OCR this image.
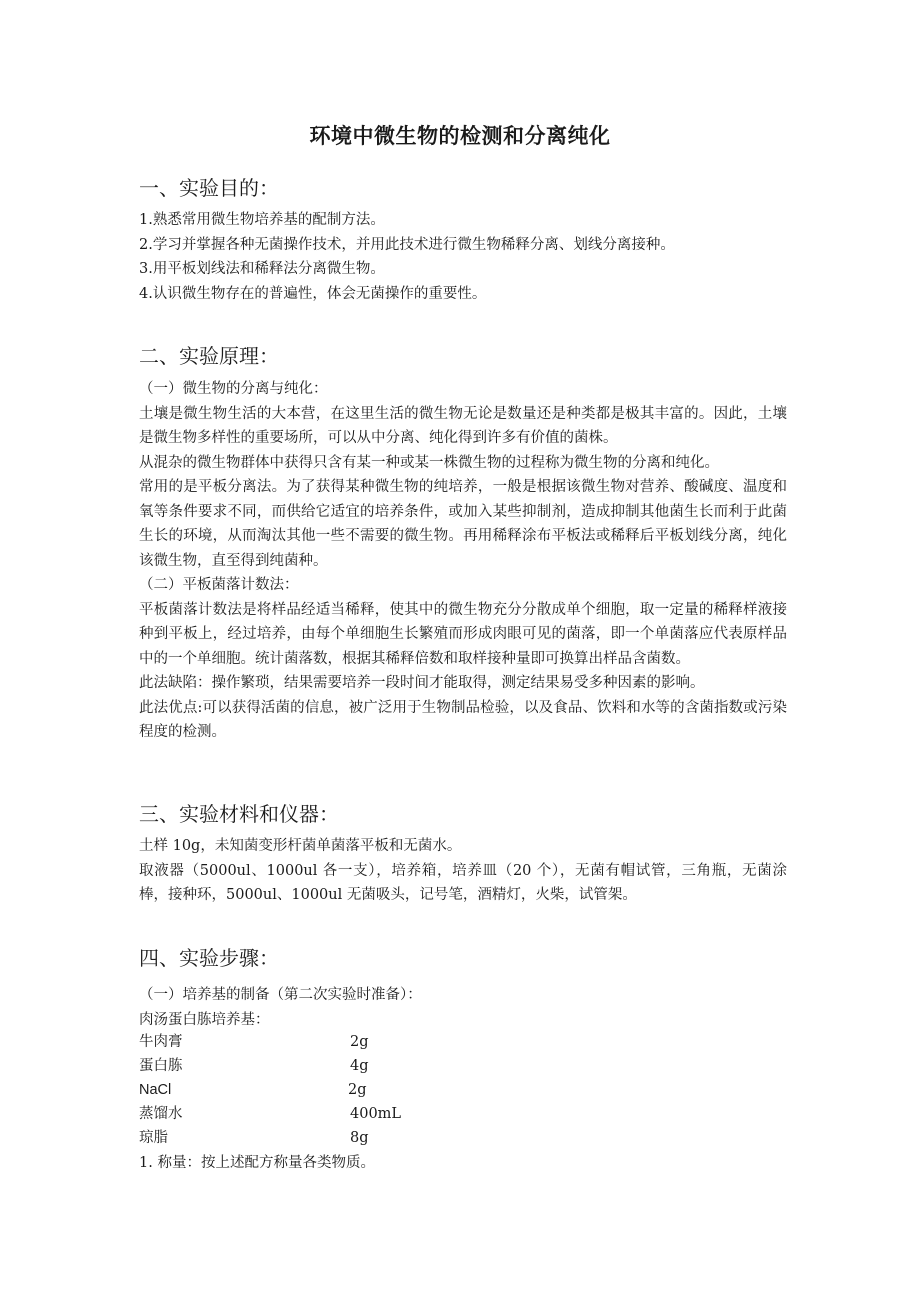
环境中微生物的检测和分离纯化
一、实验目的：

1.熟悉常用微生物培养基的配制方法。

2.学习并掌握各种无菌操作技术，并用此技术进行微生物稀释分离、划线分离接种。

3.用平板划线法和稀释法分离微生物。

4.认识微生物存在的普遍性，体会无菌操作的重要性。

二、实验原理：

（一）微生物的分离与纯化：

土壤是微生物生活的大本营，在这里生活的微生物无论是数量还是种类都是极其丰富的。因此，土壤是微生物多样性的重要场所，可以从中分离、纯化得到许多有价值的菌株。

从混杂的微生物群体中获得只含有某一种或某一株微生物的过程称为微生物的分离和纯化。

常用的是平板分离法。为了获得某种微生物的纯培养，一般是根据该微生物对营养、酸碱度、温度和氧等条件要求不同，而供给它适宜的培养条件，或加入某些抑制剂，造成抑制其他菌生长而利于此菌生长的环境，从而淘汰其他一些不需要的微生物。再用稀释涂布平板法或稀释后平板划线分离，纯化该微生物，直至得到纯菌种。

（二）平板菌落计数法：

平板菌落计数法是将样品经适当稀释，使其中的微生物充分分散成单个细胞，取一定量的稀释样液接种到平板上，经过培养，由每个单细胞生长繁殖而形成肉眼可见的菌落，即一个单菌落应代表原样品中的一个单细胞。统计菌落数，根据其稀释倍数和取样接种量即可换算出样品含菌数。

此法缺陷：操作繁琐，结果需要培养一段时间才能取得，测定结果易受多种因素的影响。

此法优点:可以获得活菌的信息，被广泛用于生物制品检验，以及食品、饮料和水等的含菌指数或污染程度的检测。

三、实验材料和仪器：

土样 10g，未知菌变形杆菌单菌落平板和无菌水。

取液器（5000ul、1000ul 各一支），培养箱，培养皿（20 个），无菌有帽试管，三角瓶，无菌涂棒，接种环，5000ul、1000ul 无菌吸头，记号笔，酒精灯，火柴，试管架。

四、实验步骤：

（一）培养基的制备（第二次实验时准备）：

肉汤蛋白胨培养基：

牛肉膏	2g
蛋白胨	4g
NaCl	2g
蒸馏水	400mL
琼脂	8g
1. 称量：按上述配方称量各类物质。
